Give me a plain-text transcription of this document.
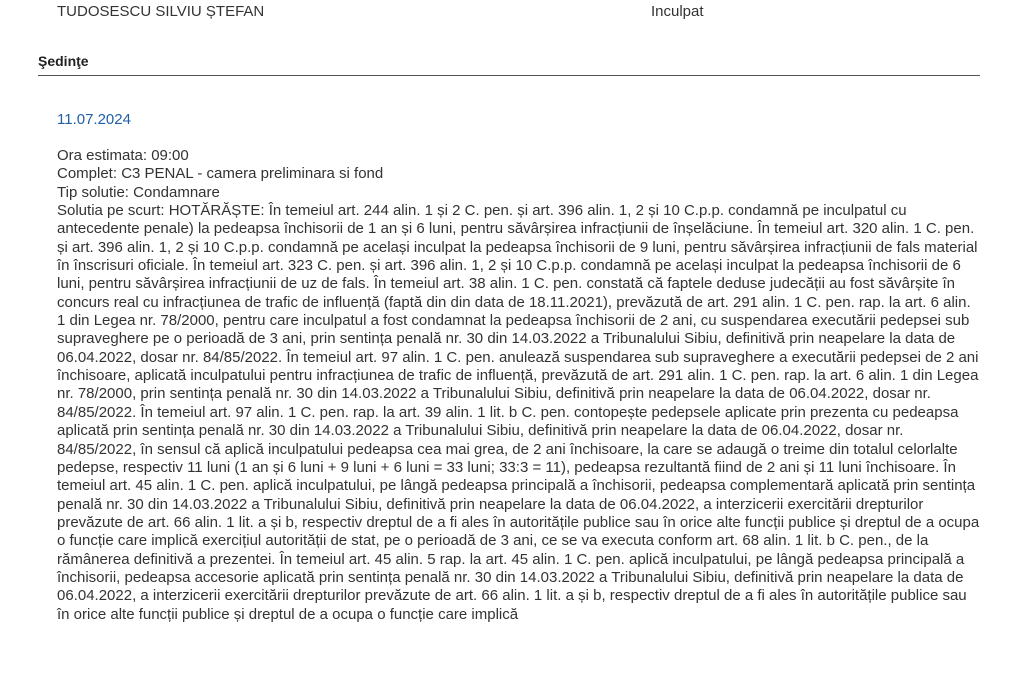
TUDOSESCU SILVIU ȘTEFAN	Inculpat
Şedinţe
11.07.2024
Ora estimata: 09:00
Complet: C3 PENAL - camera preliminara si fond
Tip solutie: Condamnare
Solutia pe scurt: HOTĂRĂȘTE: În temeiul art. 244 alin. 1 și 2 C. pen. și art. 396 alin. 1, 2 și 10 C.p.p. condamnă pe inculpatul cu antecedente penale) la pedeapsa închisorii de 1 an și 6 luni, pentru săvârșirea infracțiunii de înșelăciune. În temeiul art. 320 alin. 1 C. pen. și art. 396 alin. 1, 2 și 10 C.p.p. condamnă pe același inculpat la pedeapsa închisorii de 9 luni, pentru săvârșirea infracțiunii de fals material în înscrisuri oficiale. În temeiul art. 323 C. pen. și art. 396 alin. 1, 2 și 10 C.p.p. condamnă pe același inculpat la pedeapsa închisorii de 6 luni, pentru săvârșirea infracțiunii de uz de fals. În temeiul art. 38 alin. 1 C. pen. constată că faptele deduse judecății au fost săvârșite în concurs real cu infracțiunea de trafic de influență (faptă din din data de 18.11.2021), prevăzută de art. 291 alin. 1 C. pen. rap. la art. 6 alin. 1 din Legea nr. 78/2000, pentru care inculpatul a fost condamnat la pedeapsa închisorii de 2 ani, cu suspendarea executării pedepsei sub supraveghere pe o perioadă de 3 ani, prin sentința penală nr. 30 din 14.03.2022 a Tribunalului Sibiu, definitivă prin neapelare la data de 06.04.2022, dosar nr. 84/85/2022. În temeiul art. 97 alin. 1 C. pen. anulează suspendarea sub supraveghere a executării pedepsei de 2 ani închisoare, aplicată inculpatului pentru infracțiunea de trafic de influență, prevăzută de art. 291 alin. 1 C. pen. rap. la art. 6 alin. 1 din Legea nr. 78/2000, prin sentința penală nr. 30 din 14.03.2022 a Tribunalului Sibiu, definitivă prin neapelare la data de 06.04.2022, dosar nr. 84/85/2022. În temeiul art. 97 alin. 1 C. pen. rap. la art. 39 alin. 1 lit. b C. pen. contopește pedepsele aplicate prin prezenta cu pedeapsa aplicată prin sentința penală nr. 30 din 14.03.2022 a Tribunalului Sibiu, definitivă prin neapelare la data de 06.04.2022, dosar nr. 84/85/2022, în sensul că aplică inculpatului pedeapsa cea mai grea, de 2 ani închisoare, la care se adaugă o treime din totalul celorlalte pedepse, respectiv 11 luni (1 an și 6 luni + 9 luni + 6 luni = 33 luni; 33:3 = 11), pedeapsa rezultantă fiind de 2 ani și 11 luni închisoare. În temeiul art. 45 alin. 1 C. pen. aplică inculpatului, pe lângă pedeapsa principală a închisorii, pedeapsa complementară aplicată prin sentința penală nr. 30 din 14.03.2022 a Tribunalului Sibiu, definitivă prin neapelare la data de 06.04.2022, a interzicerii exercitării drepturilor prevăzute de art. 66 alin. 1 lit. a și b, respectiv dreptul de a fi ales în autoritățile publice sau în orice alte funcții publice și dreptul de a ocupa o funcție care implică exercițiul autorității de stat, pe o perioadă de 3 ani, ce se va executa conform art. 68 alin. 1 lit. b C. pen., de la rămânerea definitivă a prezentei. În temeiul art. 45 alin. 5 rap. la art. 45 alin. 1 C. pen. aplică inculpatului, pe lângă pedeapsa principală a închisorii, pedeapsa accesorie aplicată prin sentința penală nr. 30 din 14.03.2022 a Tribunalului Sibiu, definitivă prin neapelare la data de 06.04.2022, a interzicerii exercitării drepturilor prevăzute de art. 66 alin. 1 lit. a și b, respectiv dreptul de a fi ales în autoritățile publice sau în orice alte funcții publice și dreptul de a ocupa o funcție care implică
